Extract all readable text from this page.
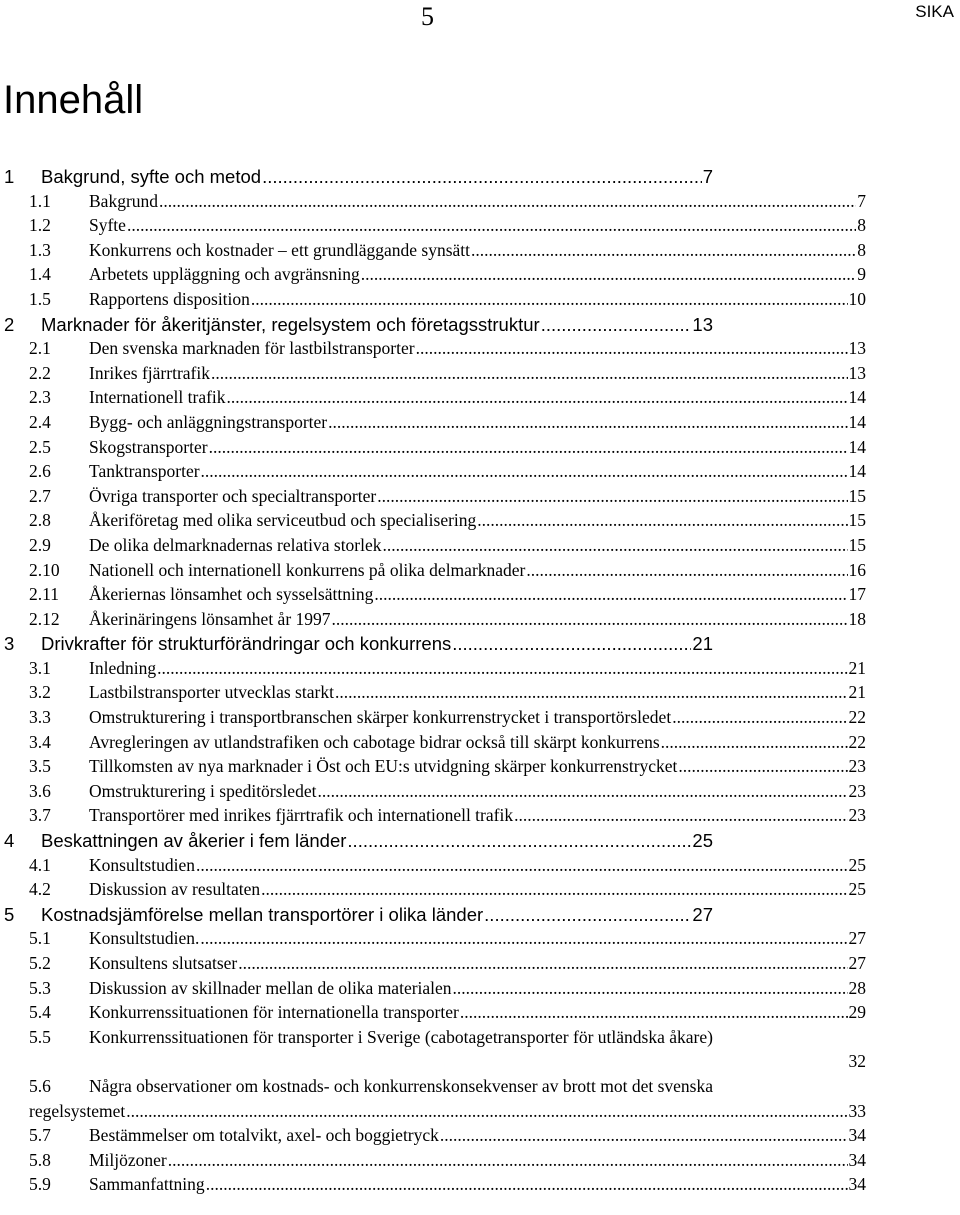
5	SIKA
Innehåll
1	Bakgrund, syfte och metod .....	7
1.1	Bakgrund .....	7
1.2	Syfte .....	8
1.3	Konkurrens och kostnader – ett grundläggande synsätt .....	8
1.4	Arbetets uppläggning och avgränsning .....	9
1.5	Rapportens disposition .....	10
2	Marknader för åkeritjänster, regelsystem och företagsstruktur .....	13
2.1	Den svenska marknaden för lastbilstransporter .....	13
2.2	Inrikes fjärrtrafik .....	13
2.3	Internationell trafik .....	14
2.4	Bygg- och anläggningstransporter .....	14
2.5	Skogstransporter .....	14
2.6	Tanktransporter .....	14
2.7	Övriga transporter och specialtransporter .....	15
2.8	Åkeriföretag med olika serviceutbud och specialisering .....	15
2.9	De olika delmarknadernas relativa storlek .....	15
2.10	Nationell och internationell konkurrens på olika delmarknader .....	16
2.11	Åkeriernas lönsamhet och sysselsättning .....	17
2.12	Åkerinäringens lönsamhet år 1997 .....	18
3	Drivkrafter för strukturförändringar och konkurrens .....	21
3.1	Inledning .....	21
3.2	Lastbilstransporter utvecklas starkt .....	21
3.3	Omstrukturering i transportbranschen skärper konkurrenstrycket i transportörsledet .....	22
3.4	Avregleringen av utlandstrafiken och cabotage bidrar också till skärpt konkurrens .....	22
3.5	Tillkomsten av nya marknader i Öst och EU:s utvidgning skärper konkurrenstrycket .....	23
3.6	Omstrukturering i speditörsledet .....	23
3.7	Transportörer med inrikes fjärrtrafik och internationell trafik .....	23
4	Beskattningen av åkerier i fem länder .....	25
4.1	Konsultstudien .....	25
4.2	Diskussion av resultaten .....	25
5	Kostnadsjämförelse mellan transportörer i olika länder .....	27
5.1	Konsultstudien. .....	27
5.2	Konsultens slutsatser .....	27
5.3	Diskussion av skillnader mellan de olika materialen .....	28
5.4	Konkurrenssituationen för internationella transporter .....	29
5.5	Konkurrenssituationen för transporter i Sverige (cabotagetransporter för utländska åkare)
32
5.6	Några observationer om kostnads- och konkurrenskonsekvenser av brott mot det svenska
regelsystemet .....	33
5.7	Bestämmelser om totalvikt, axel- och boggietryck .....	34
5.8	Miljözoner .....	34
5.9	Sammanfattning .....	34
